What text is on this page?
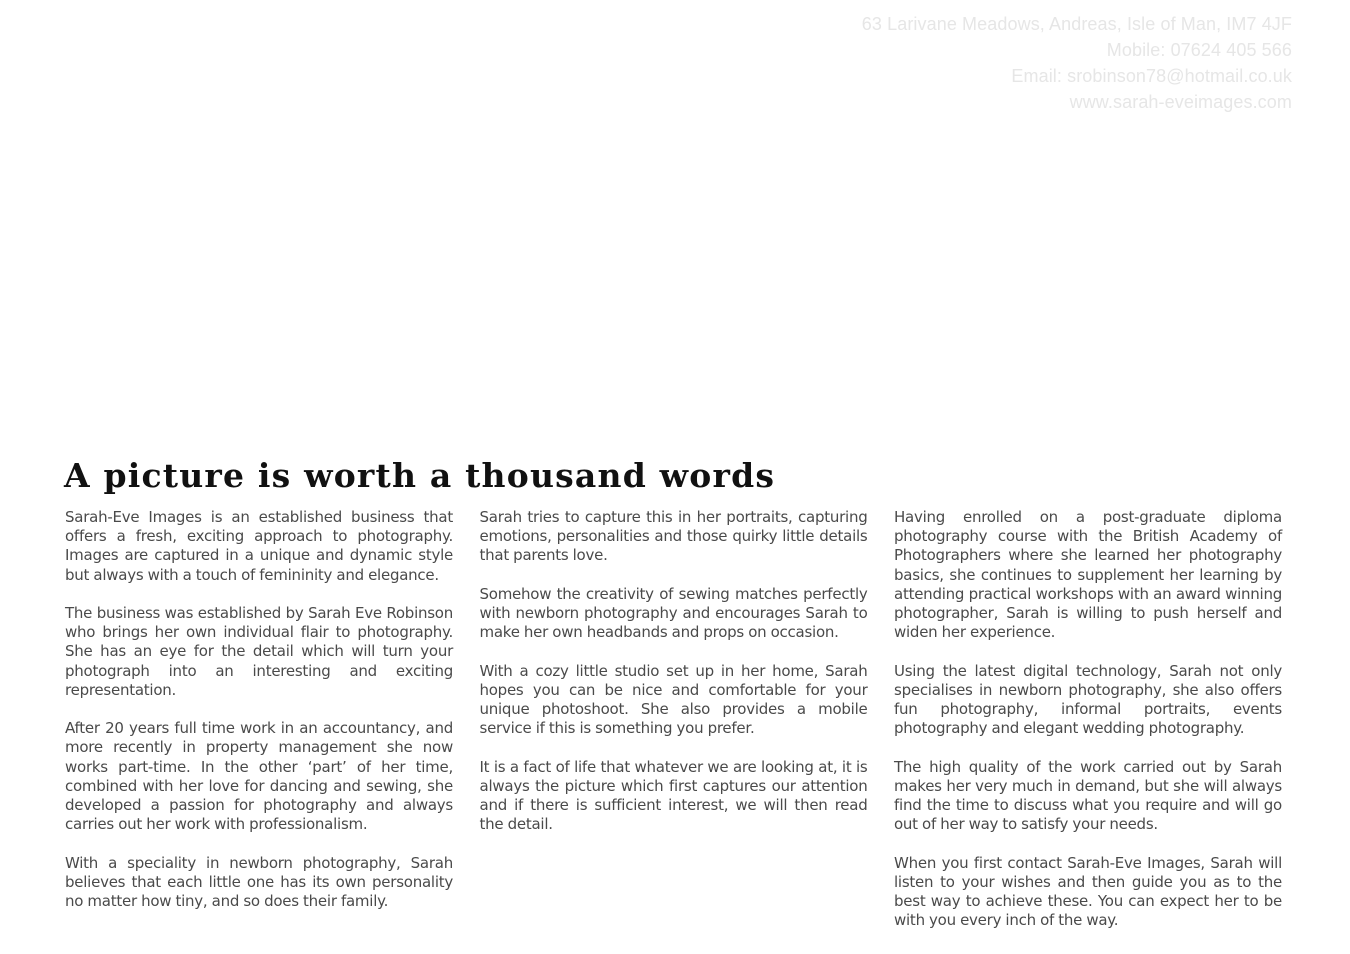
63 Larivane Meadows, Andreas, Isle of Man, IM7 4JF
Mobile: 07624 405 566
Email: srobinson78@hotmail.co.uk
www.sarah-eveimages.com
A picture is worth a thousand words

Sarah-Eve Images is an established business that offers a fresh, exciting approach to photography. Images are captured in a unique and dynamic style but always with a touch of femininity and elegance.

The business was established by Sarah Eve Robinson who brings her own individual flair to photography. She has an eye for the detail which will turn your photograph into an interesting and exciting representation.

After 20 years full time work in an accountancy, and more recently in property management she now works part-time. In the other ‘part’ of her time, combined with her love for dancing and sewing, she developed a passion for photography and always carries out her work with professionalism.

With a speciality in newborn photography, Sarah believes that each little one has its own personality no matter how tiny, and so does their family.

Sarah tries to capture this in her portraits, capturing emotions, personalities and those quirky little details that parents love.

Somehow the creativity of sewing matches perfectly with newborn photography and encourages Sarah to make her own headbands and props on occasion.

With a cozy little studio set up in her home, Sarah hopes you can be nice and comfortable for your unique photoshoot. She also provides a mobile service if this is something you prefer.

It is a fact of life that whatever we are looking at, it is always the picture which first captures our attention and if there is sufficient interest, we will then read the detail.

Having enrolled on a post-graduate diploma photography course with the British Academy of Photographers where she learned her photography basics, she continues to supplement her learning by attending practical workshops with an award winning photographer, Sarah is willing to push herself and widen her experience.

Using the latest digital technology, Sarah not only specialises in newborn photography, she also offers fun photography, informal portraits, events photography and elegant wedding photography.

The high quality of the work carried out by Sarah makes her very much in demand, but she will always find the time to discuss what you require and will go out of her way to satisfy your needs.

When you first contact Sarah-Eve Images, Sarah will listen to your wishes and then guide you as to the best way to achieve these. You can expect her to be with you every inch of the way.
